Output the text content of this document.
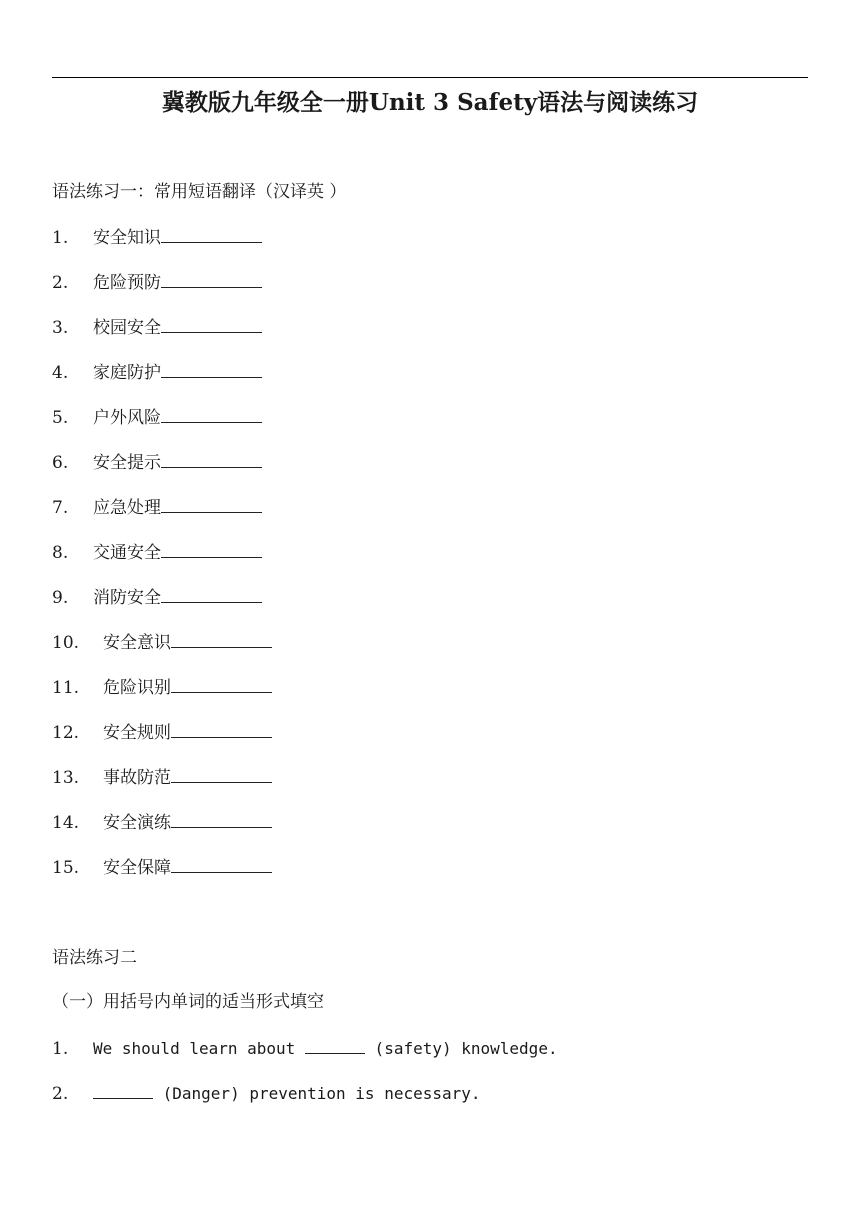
冀教版九年级全一册Unit 3 Safety语法与阅读练习
语法练习一：常用短语翻译（汉译英 ）
1. 安全知识
2. 危险预防
3. 校园安全
4. 家庭防护
5. 户外风险
6. 安全提示
7. 应急处理
8. 交通安全
9. 消防安全
10. 安全意识
11. 危险识别
12. 安全规则
13. 事故防范
14. 安全演练
15. 安全保障
语法练习二
（一）用括号内单词的适当形式填空
1. We should learn about	(safety) knowledge.
2.	(Danger) prevention is necessary.
